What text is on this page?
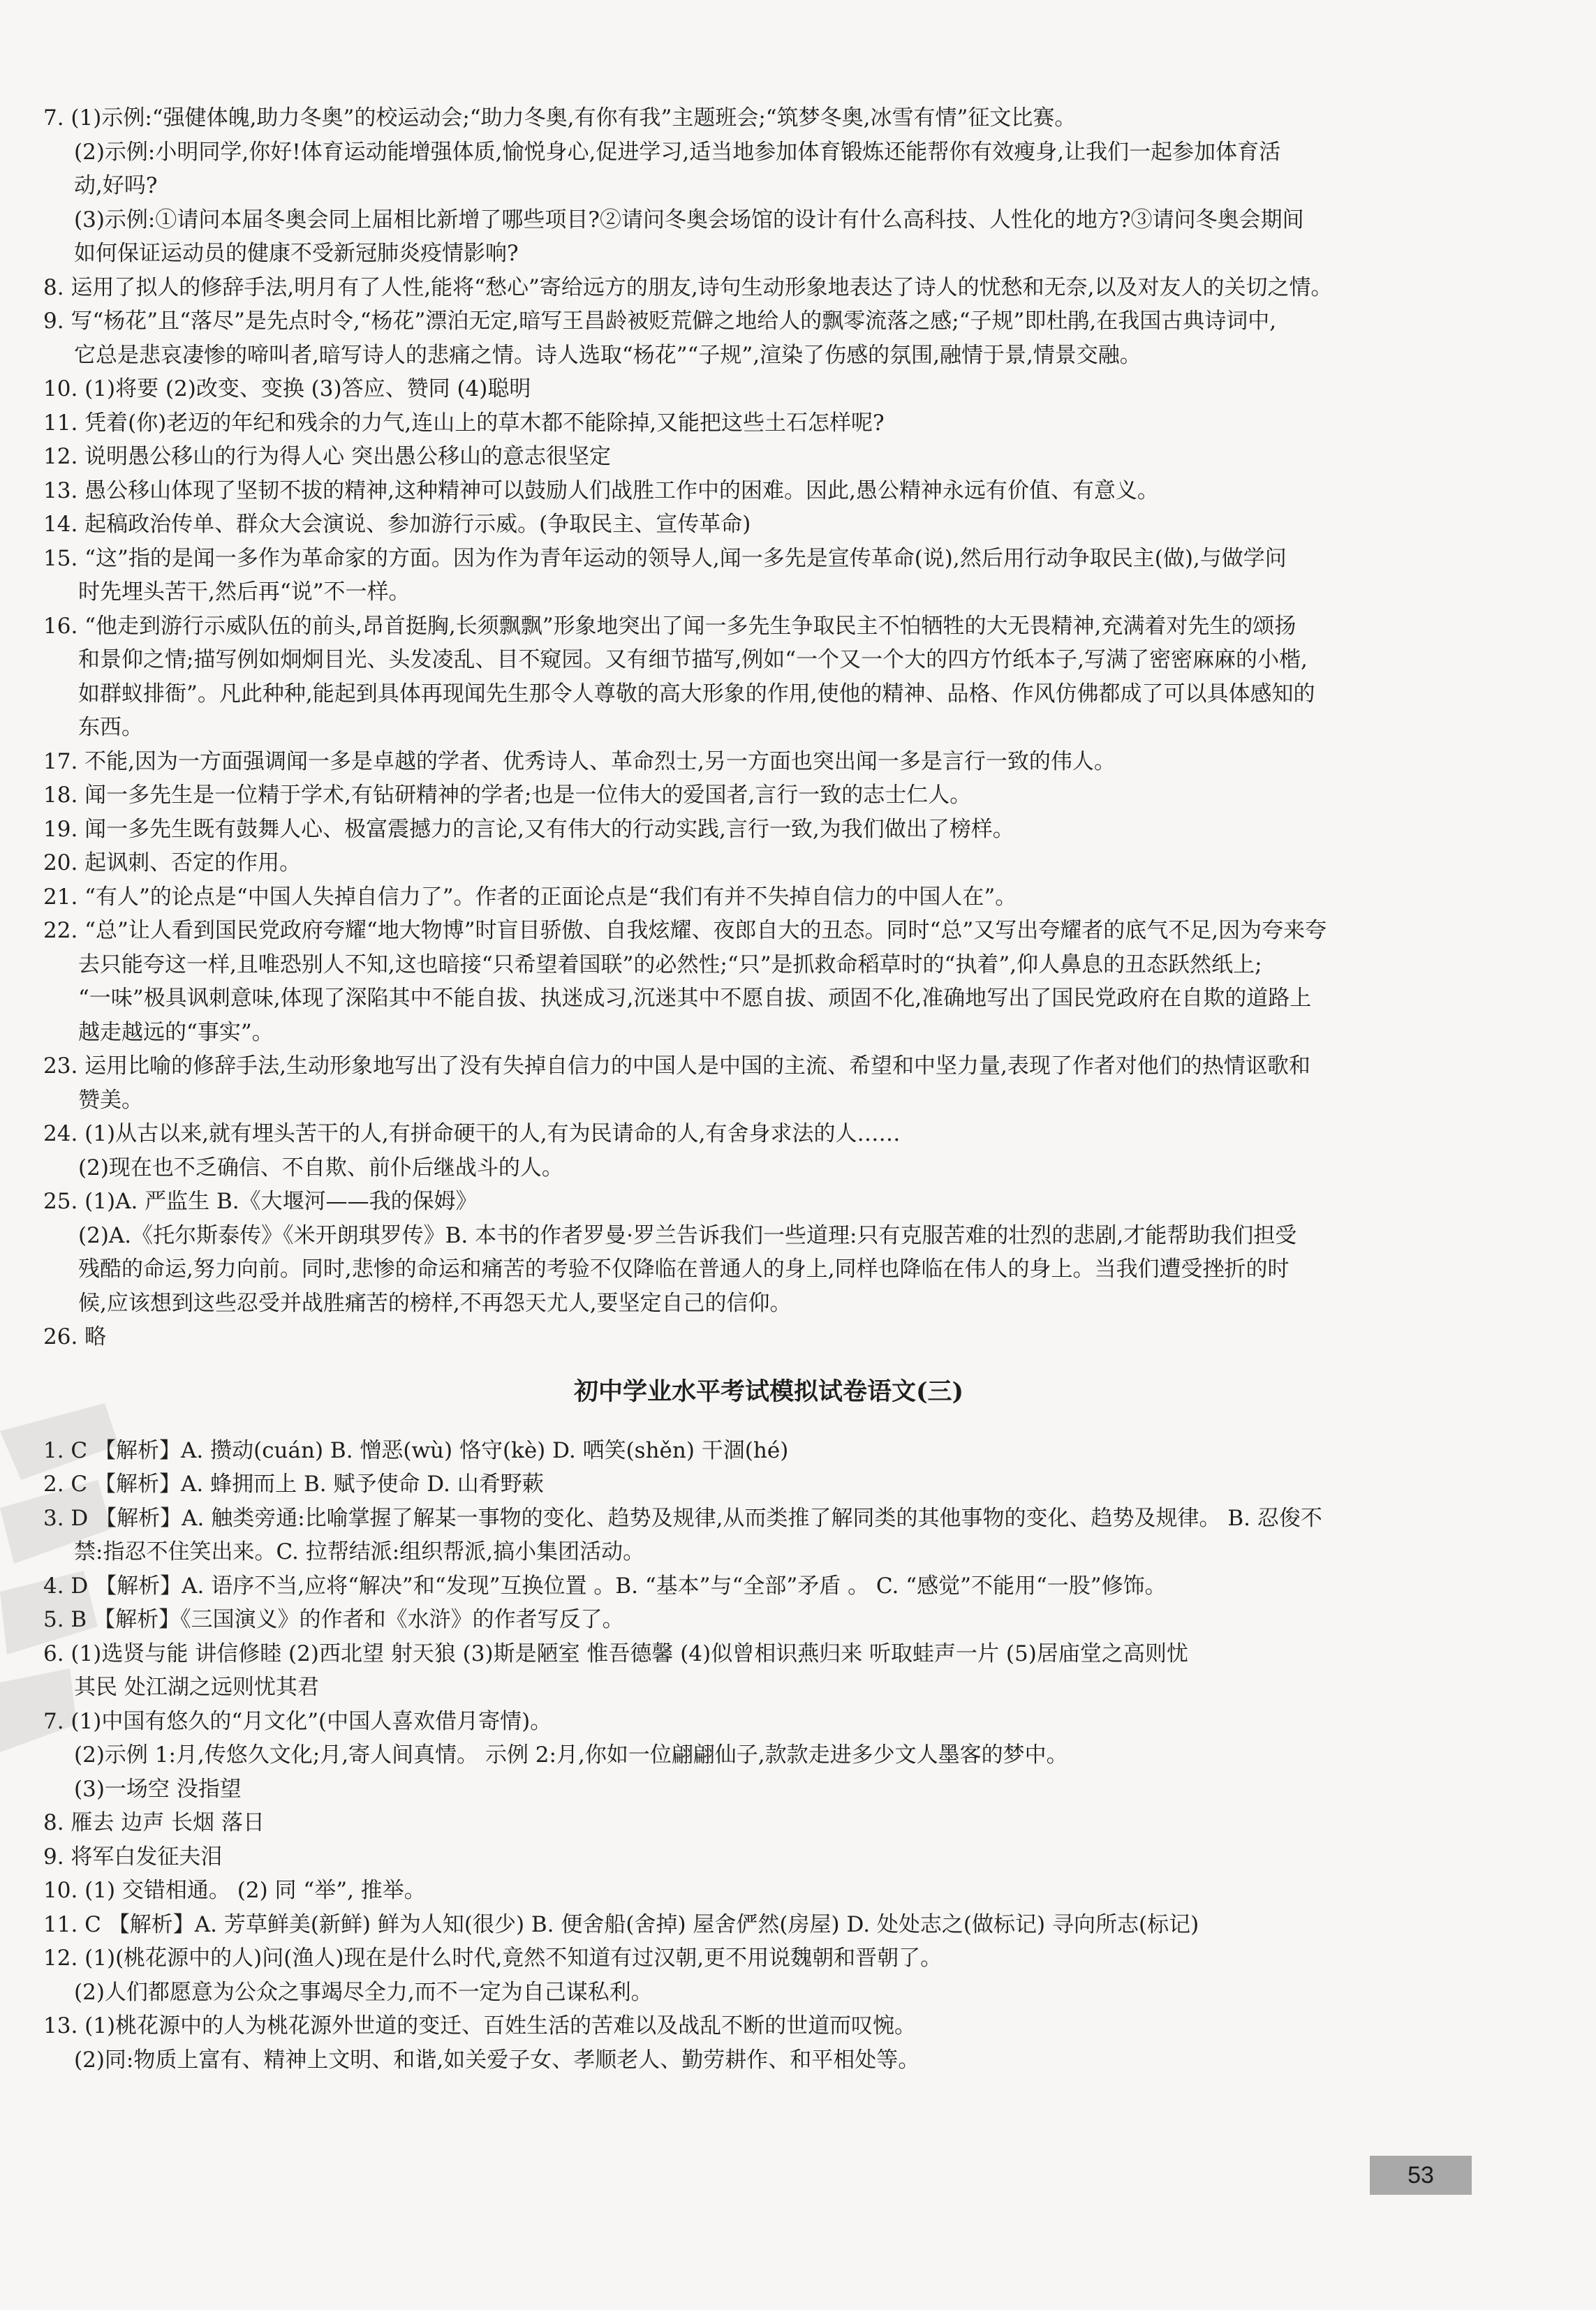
7. (1)示例:“强健体魄,助力冬奥”的校运动会;“助力冬奥,有你有我”主题班会;“筑梦冬奥,冰雪有情”征文比赛。

(2)示例:小明同学,你好!体育运动能增强体质,愉悦身心,促进学习,适当地参加体育锻炼还能帮你有效瘦身,让我们一起参加体育活

动,好吗?

(3)示例:①请问本届冬奥会同上届相比新增了哪些项目?②请问冬奥会场馆的设计有什么高科技、人性化的地方?③请问冬奥会期间

如何保证运动员的健康不受新冠肺炎疫情影响?

8. 运用了拟人的修辞手法,明月有了人性,能将“愁心”寄给远方的朋友,诗句生动形象地表达了诗人的忧愁和无奈,以及对友人的关切之情。

9. 写“杨花”且“落尽”是先点时令,“杨花”漂泊无定,暗写王昌龄被贬荒僻之地给人的飘零流落之感;“子规”即杜鹃,在我国古典诗词中,

它总是悲哀凄惨的啼叫者,暗写诗人的悲痛之情。诗人选取“杨花”“子规”,渲染了伤感的氛围,融情于景,情景交融。

10. (1)将要 (2)改变、变换 (3)答应、赞同 (4)聪明

11. 凭着(你)老迈的年纪和残余的力气,连山上的草木都不能除掉,又能把这些土石怎样呢?

12. 说明愚公移山的行为得人心 突出愚公移山的意志很坚定

13. 愚公移山体现了坚韧不拔的精神,这种精神可以鼓励人们战胜工作中的困难。因此,愚公精神永远有价值、有意义。

14. 起稿政治传单、群众大会演说、参加游行示威。(争取民主、宣传革命)

15. “这”指的是闻一多作为革命家的方面。因为作为青年运动的领导人,闻一多先是宣传革命(说),然后用行动争取民主(做),与做学问

时先埋头苦干,然后再“说”不一样。

16. “他走到游行示威队伍的前头,昂首挺胸,长须飘飘”形象地突出了闻一多先生争取民主不怕牺牲的大无畏精神,充满着对先生的颂扬

和景仰之情;描写例如炯炯目光、头发凌乱、目不窥园。又有细节描写,例如“一个又一个大的四方竹纸本子,写满了密密麻麻的小楷,

如群蚁排衙”。凡此种种,能起到具体再现闻先生那令人尊敬的高大形象的作用,使他的精神、品格、作风仿佛都成了可以具体感知的

东西。

17. 不能,因为一方面强调闻一多是卓越的学者、优秀诗人、革命烈士,另一方面也突出闻一多是言行一致的伟人。

18. 闻一多先生是一位精于学术,有钻研精神的学者;也是一位伟大的爱国者,言行一致的志士仁人。

19. 闻一多先生既有鼓舞人心、极富震撼力的言论,又有伟大的行动实践,言行一致,为我们做出了榜样。

20. 起讽刺、否定的作用。

21. “有人”的论点是“中国人失掉自信力了”。作者的正面论点是“我们有并不失掉自信力的中国人在”。

22. “总”让人看到国民党政府夸耀“地大物博”时盲目骄傲、自我炫耀、夜郎自大的丑态。同时“总”又写出夸耀者的底气不足,因为夸来夸

去只能夸这一样,且唯恐别人不知,这也暗接“只希望着国联”的必然性;“只”是抓救命稻草时的“执着”,仰人鼻息的丑态跃然纸上;

“一味”极具讽刺意味,体现了深陷其中不能自拔、执迷成习,沉迷其中不愿自拔、顽固不化,准确地写出了国民党政府在自欺的道路上

越走越远的“事实”。

23. 运用比喻的修辞手法,生动形象地写出了没有失掉自信力的中国人是中国的主流、希望和中坚力量,表现了作者对他们的热情讴歌和

赞美。

24. (1)从古以来,就有埋头苦干的人,有拼命硬干的人,有为民请命的人,有舍身求法的人……

(2)现在也不乏确信、不自欺、前仆后继战斗的人。

25. (1)A. 严监生 B.《大堰河——我的保姆》

(2)A.《托尔斯泰传》《米开朗琪罗传》B. 本书的作者罗曼·罗兰告诉我们一些道理:只有克服苦难的壮烈的悲剧,才能帮助我们担受

残酷的命运,努力向前。同时,悲惨的命运和痛苦的考验不仅降临在普通人的身上,同样也降临在伟人的身上。当我们遭受挫折的时

候,应该想到这些忍受并战胜痛苦的榜样,不再怨天尤人,要坚定自己的信仰。

26. 略

初中学业水平考试模拟试卷语文(三)

1. C 【解析】A. 攒动(cuán) B. 憎恶(wù) 恪守(kè) D. 哂笑(shěn) 干涸(hé)

2. C 【解析】A. 蜂拥而上 B. 赋予使命 D. 山肴野蔌

3. D 【解析】A. 触类旁通:比喻掌握了解某一事物的变化、趋势及规律,从而类推了解同类的其他事物的变化、趋势及规律。 B. 忍俊不

禁:指忍不住笑出来。C. 拉帮结派:组织帮派,搞小集团活动。

4. D 【解析】A. 语序不当,应将“解决”和“发现”互换位置 。B. “基本”与“全部”矛盾 。 C. “感觉”不能用“一股”修饰。

5. B 【解析】《三国演义》的作者和《水浒》的作者写反了。

6. (1)选贤与能 讲信修睦 (2)西北望 射天狼 (3)斯是陋室 惟吾德馨 (4)似曾相识燕归来 听取蛙声一片 (5)居庙堂之高则忧

其民 处江湖之远则忧其君

7. (1)中国有悠久的“月文化”(中国人喜欢借月寄情)。

(2)示例 1:月,传悠久文化;月,寄人间真情。 示例 2:月,你如一位翩翩仙子,款款走进多少文人墨客的梦中。

(3)一场空 没指望

8. 雁去 边声 长烟 落日

9. 将军白发征夫泪

10. (1) 交错相通。 (2) 同 “举”, 推举。

11. C 【解析】A. 芳草鲜美(新鲜) 鲜为人知(很少) B. 便舍船(舍掉) 屋舍俨然(房屋) D. 处处志之(做标记) 寻向所志(标记)

12. (1)(桃花源中的人)问(渔人)现在是什么时代,竟然不知道有过汉朝,更不用说魏朝和晋朝了。

(2)人们都愿意为公众之事竭尽全力,而不一定为自己谋私利。

13. (1)桃花源中的人为桃花源外世道的变迁、百姓生活的苦难以及战乱不断的世道而叹惋。

(2)同:物质上富有、精神上文明、和谐,如关爱子女、孝顺老人、勤劳耕作、和平相处等。

53
